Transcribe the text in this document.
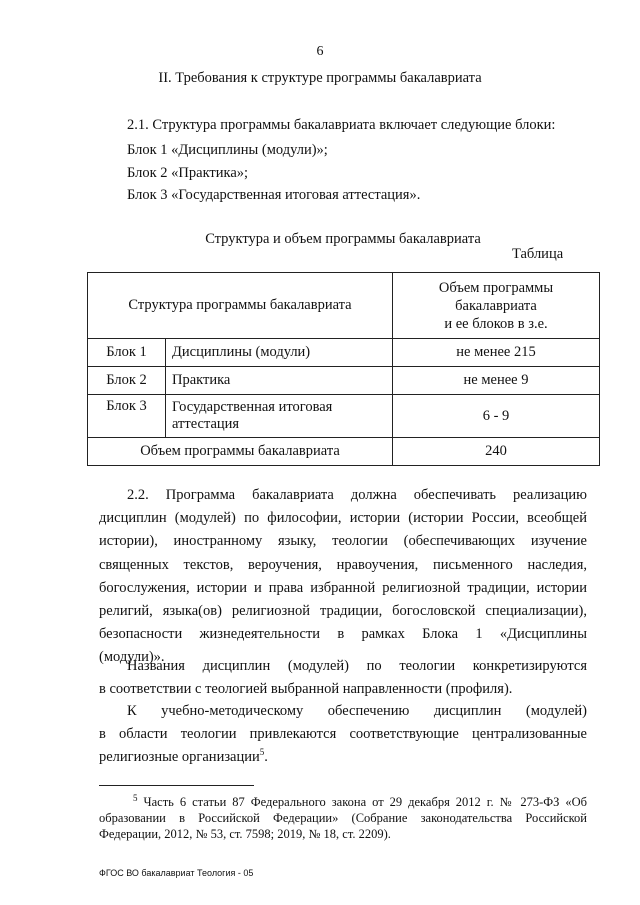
6
II. Требования к структуре программы бакалавриата
2.1. Структура программы бакалавриата включает следующие блоки:
Блок 1 «Дисциплины (модули)»;
Блок 2 «Практика»;
Блок 3 «Государственная итоговая аттестация».
Структура и объем программы бакалавриата
Таблица
Структура программы бакалавриата		Объем программы
бакалавриата
и ее блоков в з.е.

Блок 1	Дисциплины (модули)	не менее 215
Блок 2	Практика	не менее 9
Блок 3	Государственная итоговая аттестация	6 - 9
Объем программы бакалавриата		240
2.2. Программа бакалавриата должна обеспечивать реализацию
дисциплин (модулей) по философии, истории (истории России, всеобщей
истории), иностранному языку, теологии (обеспечивающих изучение
священных текстов, вероучения, нравоучения, письменного наследия,
богослужения, истории и права избранной религиозной традиции, истории
религий, языка(ов) религиозной традиции, богословской специализации),
безопасности жизнедеятельности в рамках Блока 1 «Дисциплины
(модули)».
Названия дисциплин (модулей) по теологии конкретизируются
в соответствии с теологией выбранной направленности (профиля).
К учебно-методическому обеспечению дисциплин (модулей)
в области теологии привлекаются соответствующие централизованные
религиозные организации$^5$.
$^5$ Часть 6 статьи 87 Федерального закона от 29 декабря 2012 г. № 273-ФЗ «Об образовании в Российской Федерации» (Собрание законодательства Российской Федерации, 2012, № 53, ст. 7598; 2019, № 18, ст. 2209).
ФГОС ВО бакалавриат Теология - 05
